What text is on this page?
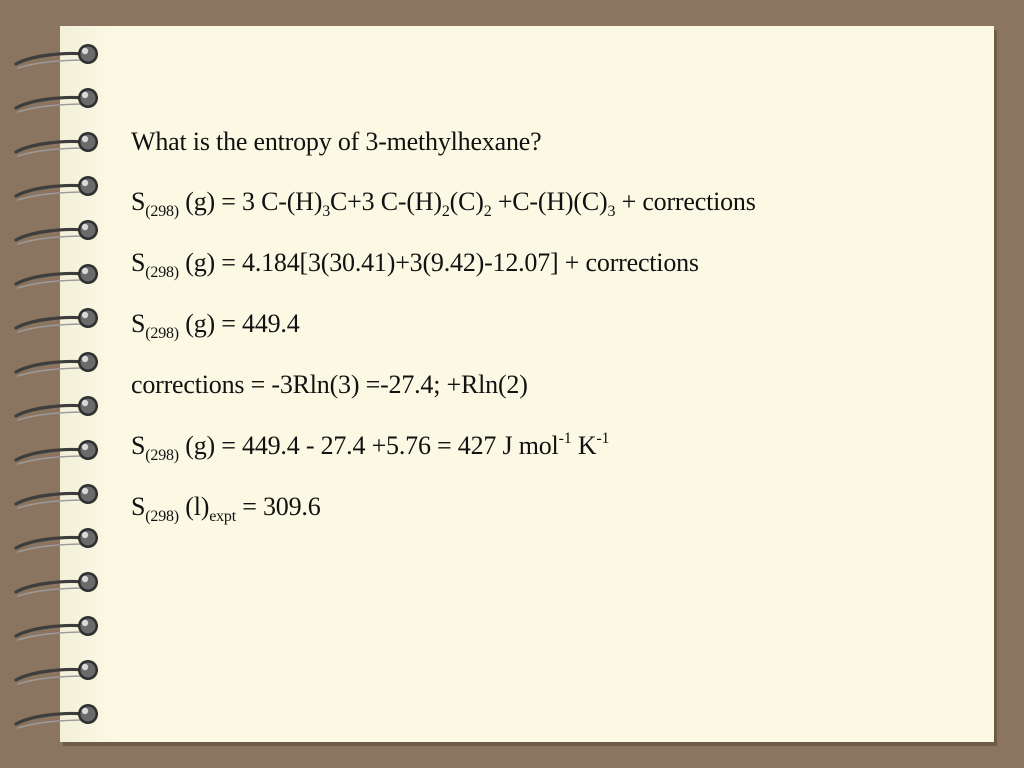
What is the entropy of 3-methylhexane?
$S_{(298)}$ (g) = 3 $C-(H)_3C+3$ $C-(H)_2(C)_2 +C-(H)(C)_3$ + corrections
$S_{(298)}$ (g) = 4.184[3(30.41)+3(9.42)-12.07] + corrections
$S_{(298)}$ (g) = 449.4
corrections = -3Rln(3) =-27.4; +Rln(2)
$S_{(298)}$ (g) = 449.4 - 27.4 +5.76 = 427 J mol$^{-1}$ $K^{-1}$
$S_{(298)}$ $(l)_{expt} = 309.6$
